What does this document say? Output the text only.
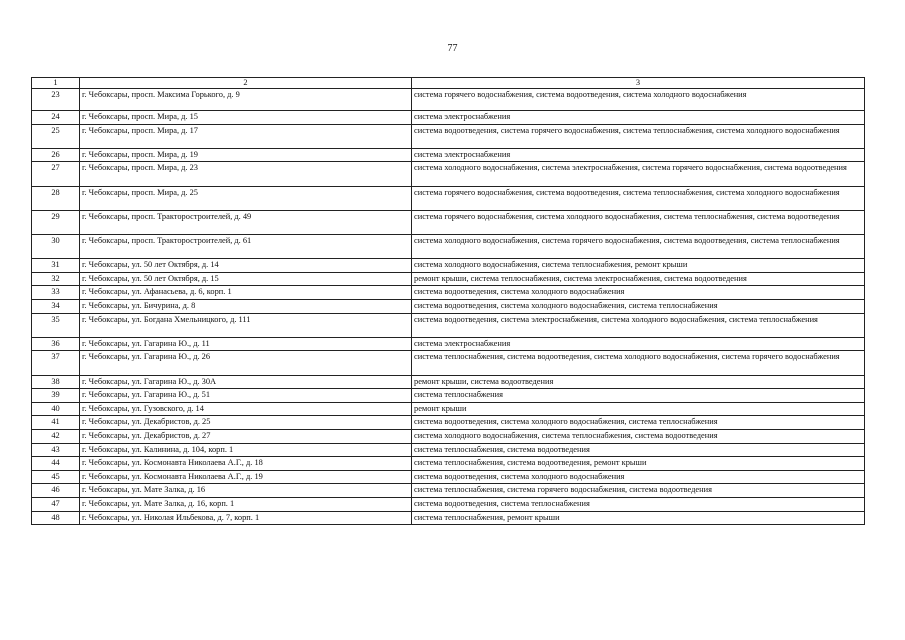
77
1	2	3
23	г. Чебоксары, просп. Максима Горького, д. 9	система горячего водоснабжения, система водоотведения, система холодного водоснабжения
24	г. Чебоксары, просп. Мира, д. 15	система электроснабжения
25	г. Чебоксары, просп. Мира, д. 17	система водоотведения, система горячего водоснабжения, система теплоснабжения, система холодного водоснабжения
26	г. Чебоксары, просп. Мира, д. 19	система электроснабжения
27	г. Чебоксары, просп. Мира, д. 23	система холодного водоснабжения, система электроснабжения, система горячего водоснабжения, система водоотведения
28	г. Чебоксары, просп. Мира, д. 25	система горячего водоснабжения, система водоотведения, система теплоснабжения, система холодного водоснабжения
29	г. Чебоксары, просп. Тракторостроителей, д. 49	система горячего водоснабжения, система холодного водоснабжения, система теплоснабжения, система водоотведения
30	г. Чебоксары, просп. Тракторостроителей, д. 61	система холодного водоснабжения, система горячего водоснабжения, система водоотведения, система теплоснабжения
31	г. Чебоксары, ул. 50 лет Октября, д. 14	система холодного водоснабжения, система теплоснабжения, ремонт крыши
32	г. Чебоксары, ул. 50 лет Октября, д. 15	ремонт крыши, система теплоснабжения, система электроснабжения, система водоотведения
33	г. Чебоксары, ул. Афанасьева, д. 6, корп. 1	система водоотведения, система холодного водоснабжения
34	г. Чебоксары, ул. Бичурина, д. 8	система водоотведения, система холодного водоснабжения, система теплоснабжения
35	г. Чебоксары, ул. Богдана Хмельницкого, д. 111	система водоотведения, система электроснабжения, система холодного водоснабжения, система теплоснабжения
36	г. Чебоксары, ул. Гагарина Ю., д. 11	система электроснабжения
37	г. Чебоксары, ул. Гагарина Ю., д. 26	система теплоснабжения, система водоотведения, система холодного водоснабжения, система горячего водоснабжения
38	г. Чебоксары, ул. Гагарина Ю., д. 30А	ремонт крыши, система водоотведения
39	г. Чебоксары, ул. Гагарина Ю., д. 51	система теплоснабжения
40	г. Чебоксары, ул. Гузовского, д. 14	ремонт крыши
41	г. Чебоксары, ул. Декабристов, д. 25	система водоотведения, система холодного водоснабжения, система теплоснабжения
42	г. Чебоксары, ул. Декабристов, д. 27	система холодного водоснабжения, система теплоснабжения, система водоотведения
43	г. Чебоксары, ул. Калинина, д. 104, корп. 1	система теплоснабжения, система водоотведения
44	г. Чебоксары, ул. Космонавта Николаева А.Г., д. 18	система теплоснабжения, система водоотведения, ремонт крыши
45	г. Чебоксары, ул. Космонавта Николаева А.Г., д. 19	система водоотведения, система холодного водоснабжения
46	г. Чебоксары, ул. Мате Залка, д. 16	система теплоснабжения, система горячего водоснабжения, система водоотведения
47	г. Чебоксары, ул. Мате Залка, д. 16, корп. 1	система водоотведения, система теплоснабжения
48	г. Чебоксары, ул. Николая Ильбекова, д. 7, корп. 1	система теплоснабжения, ремонт крыши
